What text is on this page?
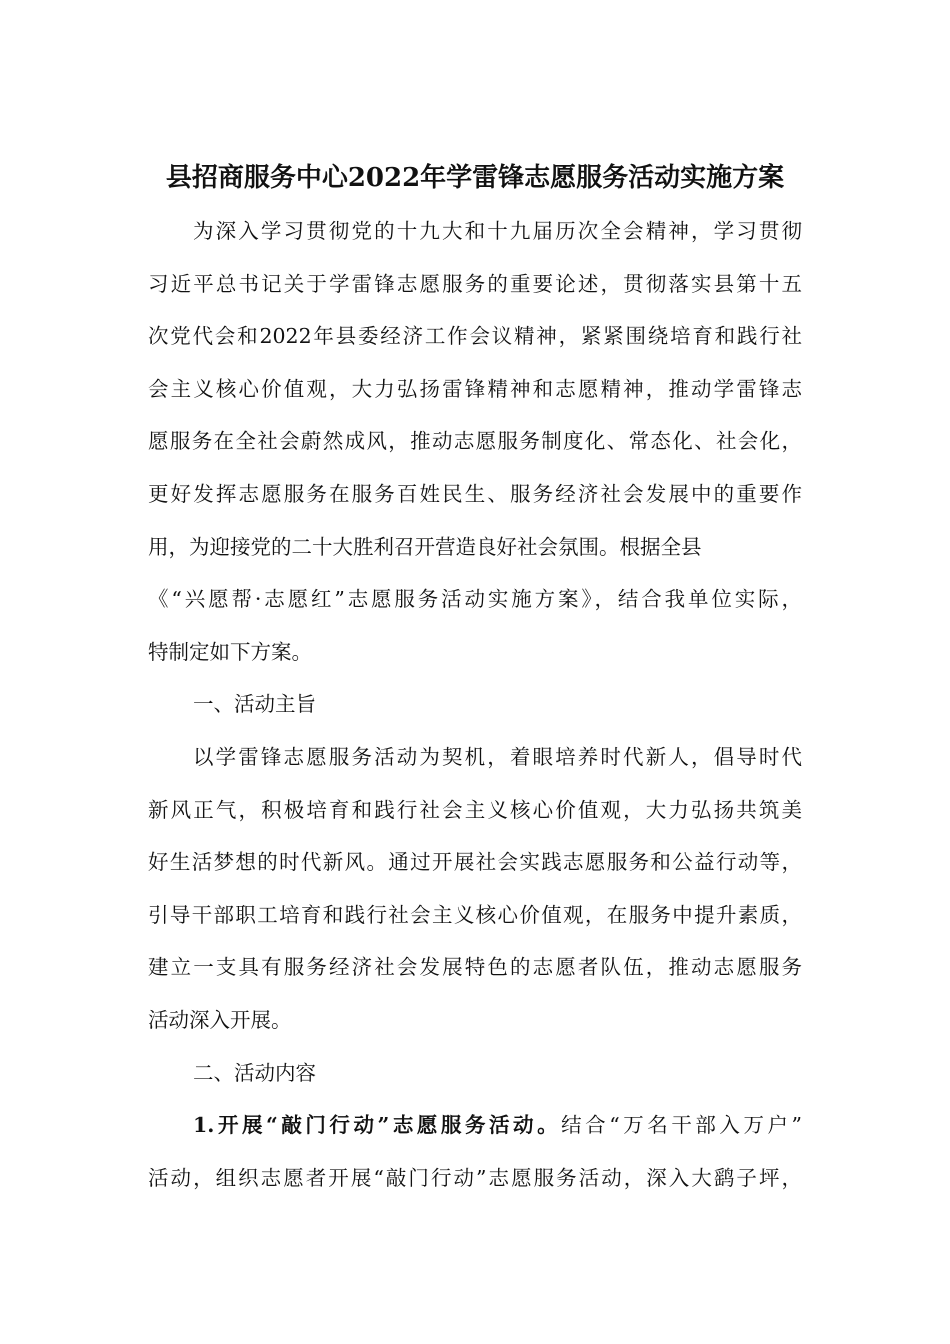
县招商服务中心2022年学雷锋志愿服务活动实施方案
为深入学习贯彻党的十九大和十九届历次全会精神，学习贯彻
习近平总书记关于学雷锋志愿服务的重要论述，贯彻落实县第十五
次党代会和2022年县委经济工作会议精神，紧紧围绕培育和践行社
会主义核心价值观，大力弘扬雷锋精神和志愿精神，推动学雷锋志
愿服务在全社会蔚然成风，推动志愿服务制度化、常态化、社会化，
更好发挥志愿服务在服务百姓民生、服务经济社会发展中的重要作
用，为迎接党的二十大胜利召开营造良好社会氛围。根据全县
《“兴愿帮·志愿红”志愿服务活动实施方案》，结合我单位实际，
特制定如下方案。
一、活动主旨
以学雷锋志愿服务活动为契机，着眼培养时代新人，倡导时代
新风正气，积极培育和践行社会主义核心价值观，大力弘扬共筑美
好生活梦想的时代新风。通过开展社会实践志愿服务和公益行动等，
引导干部职工培育和践行社会主义核心价值观，在服务中提升素质，
建立一支具有服务经济社会发展特色的志愿者队伍，推动志愿服务
活动深入开展。
二、活动内容
1.开展“敲门行动”志愿服务活动。结合“万名干部入万户”
活动，组织志愿者开展“敲门行动”志愿服务活动，深入大鹞子坪，
